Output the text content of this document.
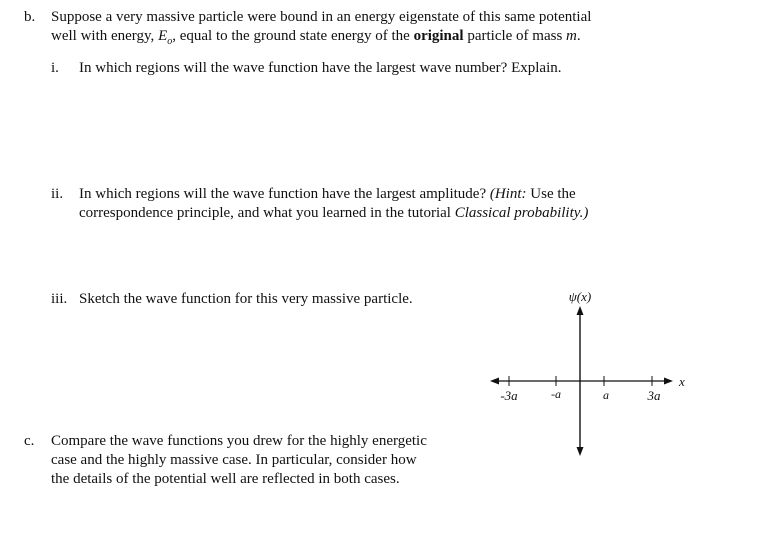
b. Suppose a very massive particle were bound in an energy eigenstate of this same potential
well with energy, $E_o$, equal to the ground state energy of the original particle of mass m.
i. In which regions will the wave function have the largest wave number? Explain.
ii. In which regions will the wave function have the largest amplitude? (Hint: Use the
correspondence principle, and what you learned in the tutorial Classical probability.)
iii. Sketch the wave function for this very massive particle.
c. Compare the wave functions you drew for the highly energetic
case and the highly massive case. In particular, consider how
the details of the potential well are reflected in both cases.
ψ(x)
x
-3a	-a	a	3a
